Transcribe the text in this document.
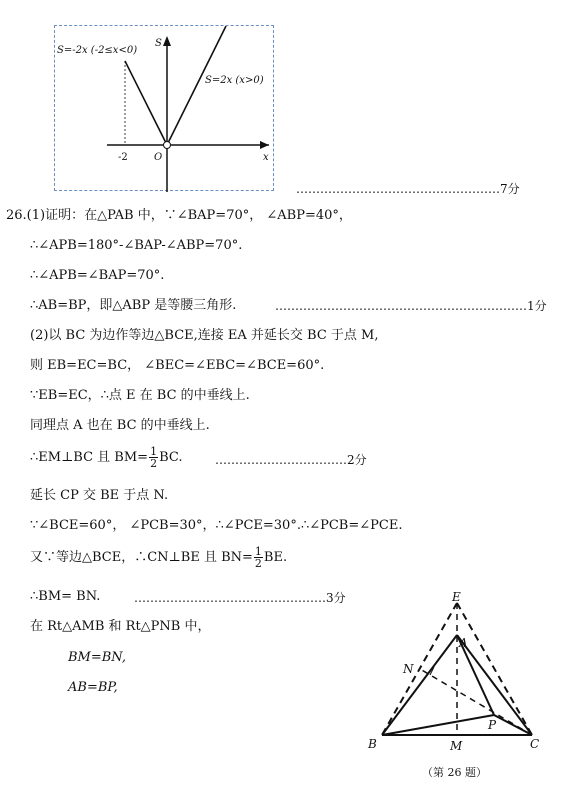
S=-2x (-2≤x<0)
S=2x (x>0)
S
x
-2	O
……………………………………………7分
26.(1)证明：在△PAB 中，∵∠BAP=70°， ∠ABP=40°，
∴∠APB=180°-∠BAP-∠ABP=70°.
∴∠APB=∠BAP=70°.
∴AB=BP，即△ABP 是等腰三角形.	………………………………………………………1分
(2)以 BC 为边作等边△BCE,连接 EA 并延长交 BC 于点 M,
则 EB=EC=BC， ∠BEC=∠EBC=∠BCE=60°.
∵EB=EC，∴点 E 在 BC 的中垂线上.
同理点 A 也在 BC 的中垂线上.
∴EM⊥BC 且 $BM= \frac{1}{2}$ BC.	……………………………2分
延长 CP 交 BE 于点 N.
∵∠BCE=60°， ∠PCB=30°，∴∠PCE=30°.∴∠PCB=∠PCE.
又∵等边△BCE，∴CN⊥BE 且 $BN= \frac{1}{2}$ BE.
∴BM= BN.	…………………………………………3分
在 Rt△AMB 和 Rt△PNB 中，
BM=BN,
AB=BP,
E
A
N
P
B	M	C
（第 26 题）
